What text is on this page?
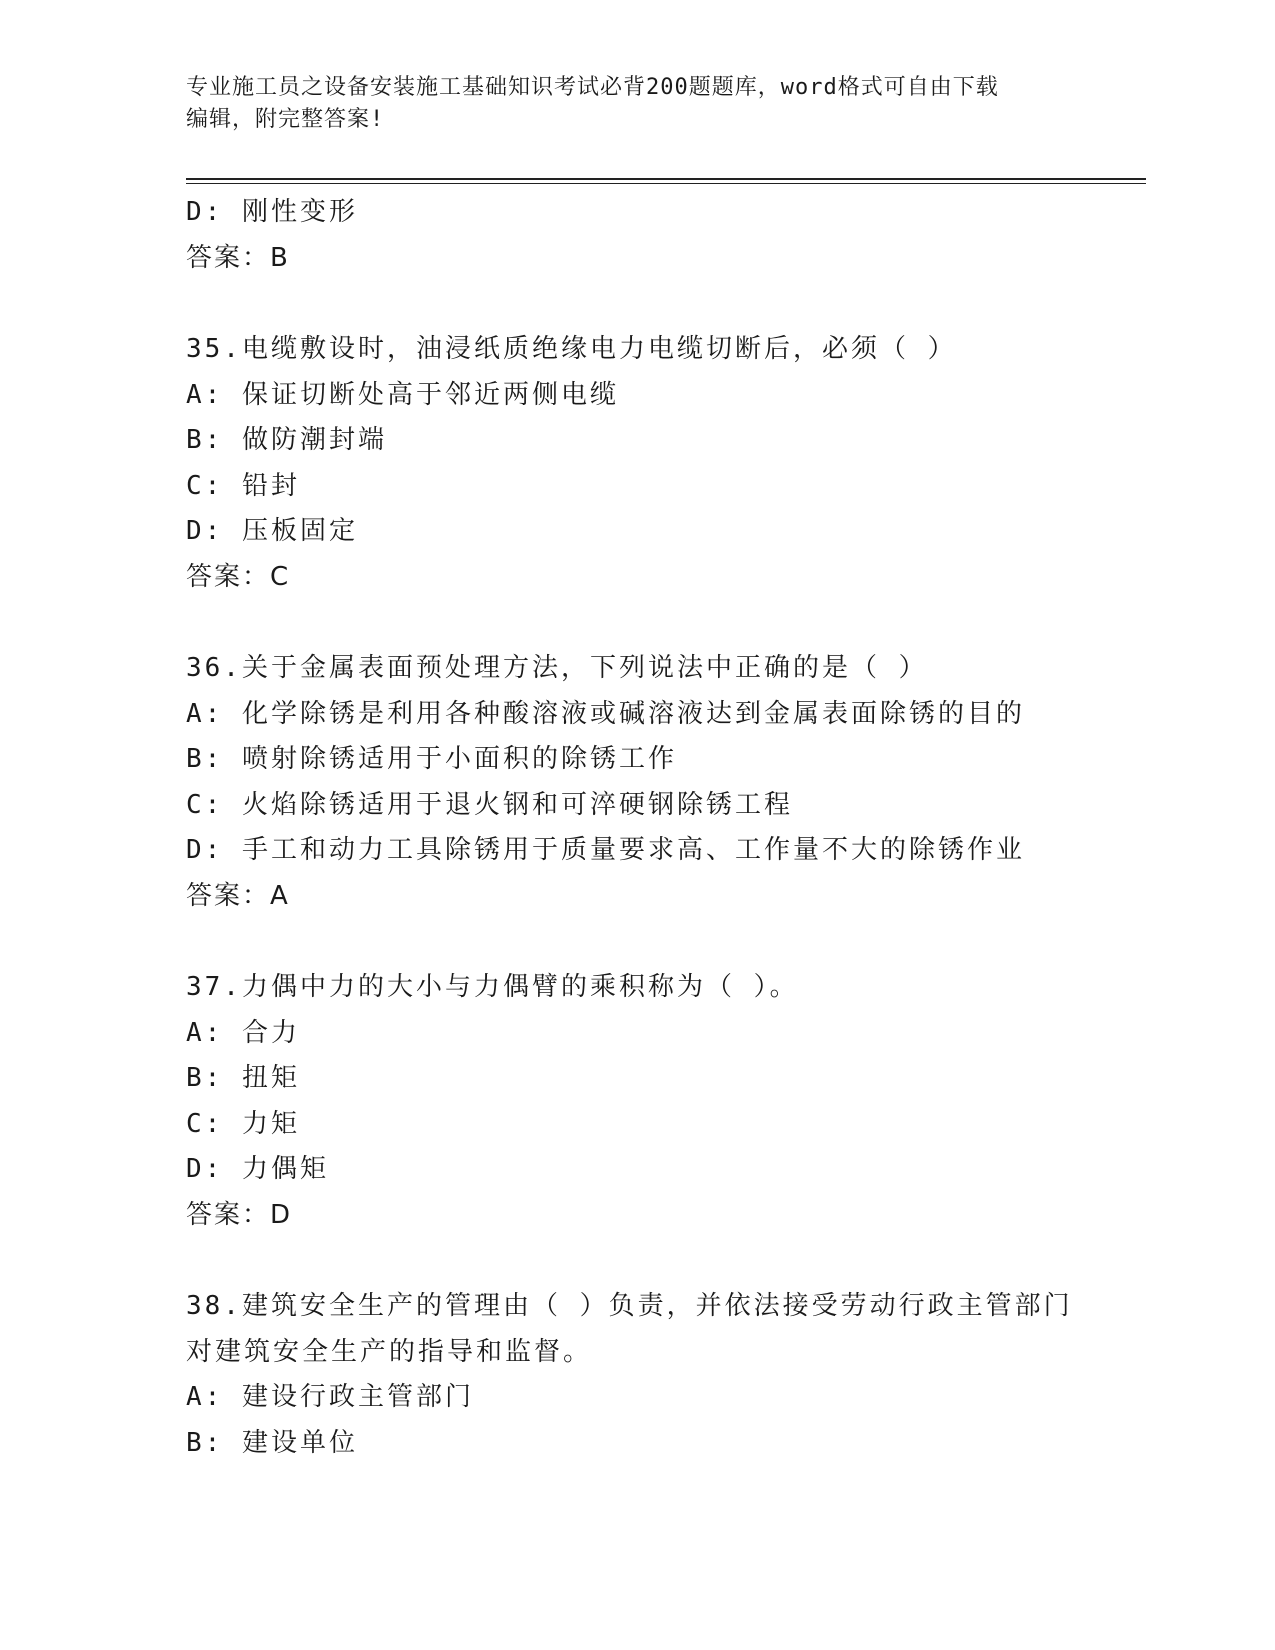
专业施工员之设备安装施工基础知识考试必背200题题库，word格式可自由下载
编辑，附完整答案!
D: 刚性变形
答案：B
35.电缆敷设时，油浸纸质绝缘电力电缆切断后，必须（ ）
A: 保证切断处高于邻近两侧电缆
B: 做防潮封端
C: 铅封
D: 压板固定
答案：C
36.关于金属表面预处理方法，下列说法中正确的是（ ）
A: 化学除锈是利用各种酸溶液或碱溶液达到金属表面除锈的目的
B: 喷射除锈适用于小面积的除锈工作
C: 火焰除锈适用于退火钢和可淬硬钢除锈工程
D: 手工和动力工具除锈用于质量要求高、工作量不大的除锈作业
答案：A
37.力偶中力的大小与力偶臂的乘积称为（ ）。
A: 合力
B: 扭矩
C: 力矩
D: 力偶矩
答案：D
38.建筑安全生产的管理由（ ）负责，并依法接受劳动行政主管部门
对建筑安全生产的指导和监督。
A: 建设行政主管部门
B: 建设单位
